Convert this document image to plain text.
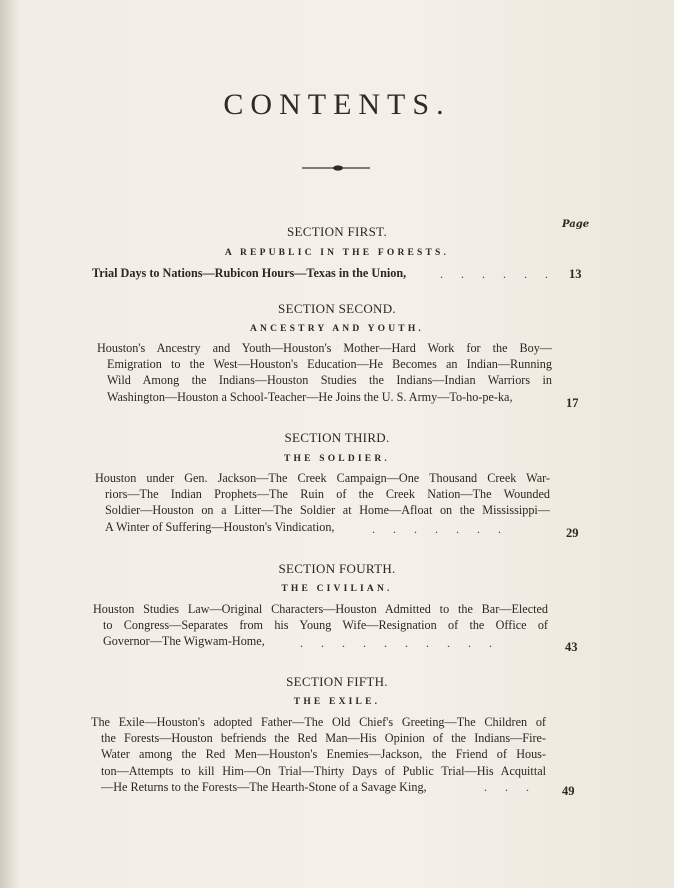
CONTENTS.
Page
SECTION FIRST.
A REPUBLIC IN THE FORESTS.
Trial Days to Nations—Rubicon Hours—Texas in the Union,	...... 13
SECTION SECOND.
ANCESTRY AND YOUTH.
Houston's Ancestry and Youth—Houston's Mother—Hard Work for the Boy—
Emigration to the West—Houston's Education—He Becomes an Indian—Running
Wild Among the Indians—Houston Studies the Indians—Indian Warriors in
Washington—Houston a School-Teacher—He Joins the U. S. Army—To-ho-pe-ka,	17
SECTION THIRD.
THE SOLDIER.
Houston under Gen. Jackson—The Creek Campaign—One Thousand Creek War-
riors—The Indian Prophets—The Ruin of the Creek Nation—The Wounded
Soldier—Houston on a Litter—The Soldier at Home—Afloat on the Mississippi—
A Winter of Suffering—Houston's Vindication,	.......	29
SECTION FOURTH.
THE CIVILIAN.
Houston Studies Law—Original Characters—Houston Admitted to the Bar—Elected
to Congress—Separates from his Young Wife—Resignation of the Office of
Governor—The Wigwam-Home,	..........	43
SECTION FIFTH.
THE EXILE.
The Exile—Houston's adopted Father—The Old Chief's Greeting—The Children of
the Forests—Houston befriends the Red Man—His Opinion of the Indians—Fire-
Water among the Red Men—Houston's Enemies—Jackson, the Friend of Hous-
ton—Attempts to kill Him—On Trial—Thirty Days of Public Trial—His Acquittal
—He Returns to the Forests—The Hearth-Stone of a Savage King,	... 49
